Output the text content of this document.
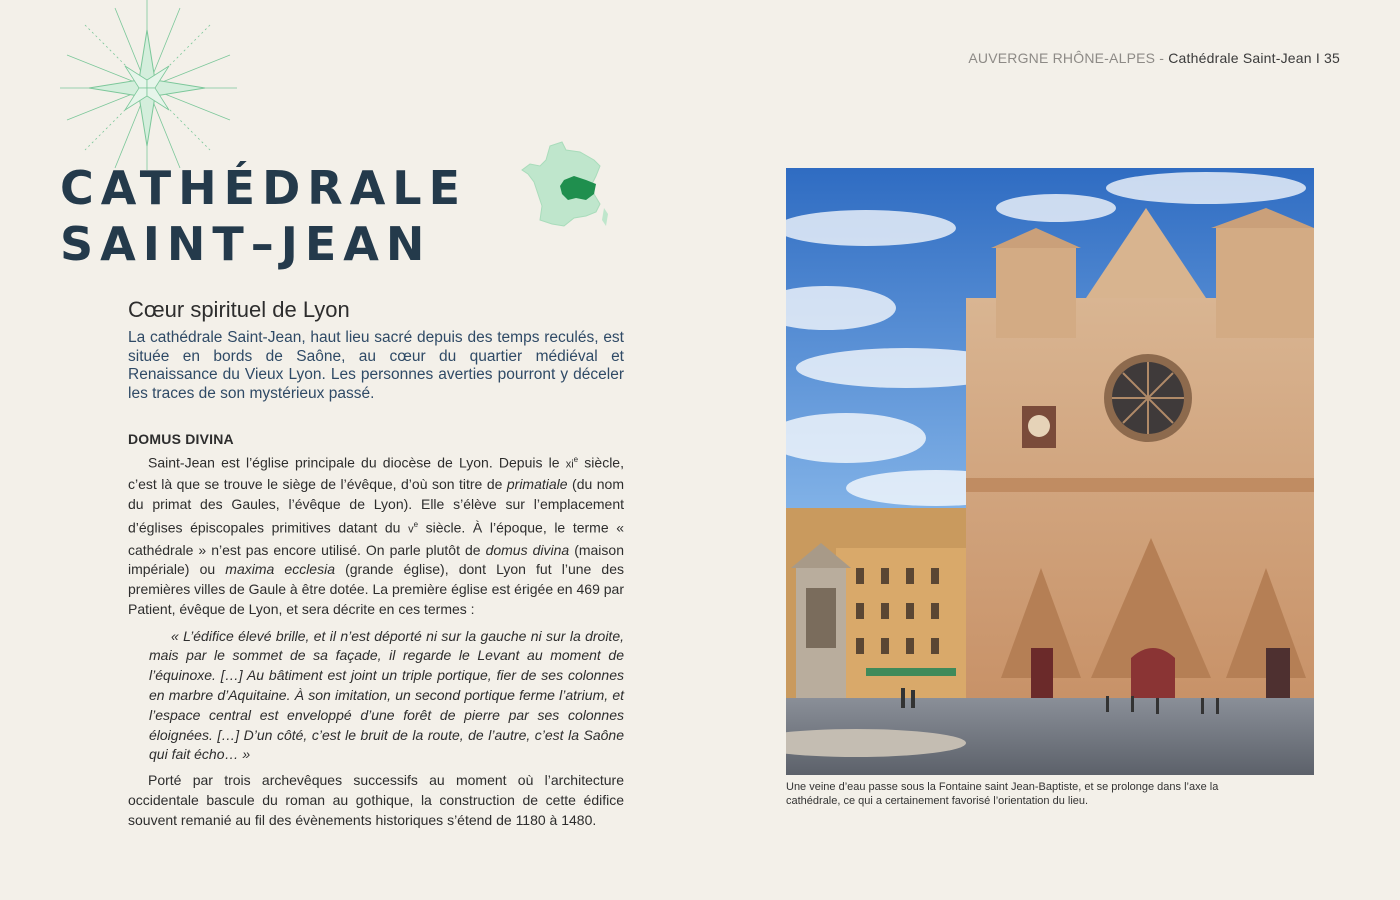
AUVERGNE RHÔNE-ALPES - Cathédrale Saint-Jean I 35
CATHÉDRALE
SAINT–JEAN
Cœur spirituel de Lyon

La cathédrale Saint-Jean, haut lieu sacré depuis des temps reculés, est située en bords de Saône, au cœur du quartier médiéval et Renaissance du Vieux Lyon. Les personnes averties pourront y déceler les traces de son mystérieux passé.

DOMUS DIVINA

Saint-Jean est l’église principale du diocèse de Lyon. Depuis le $xi^e$ siècle, c’est là que se trouve le siège de l’évêque, d’où son titre de primatiale (du nom du primat des Gaules, l’évêque de Lyon). Elle s’élève sur l’emplacement d’églises épiscopales primitives datant du $v^e$ siècle. À l’époque, le terme « cathédrale » n’est pas encore utilisé. On parle plutôt de domus divina (maison impériale) ou maxima ecclesia (grande église), dont Lyon fut l’une des premières villes de Gaule à être dotée. La première église est érigée en 469 par Patient, évêque de Lyon, et sera décrite en ces termes :

« L’édifice élevé brille, et il n’est déporté ni sur la gauche ni sur la droite, mais par le sommet de sa façade, il regarde le Levant au moment de l’équinoxe. […] Au bâtiment est joint un triple portique, fier de ses colonnes en marbre d’Aquitaine. À son imitation, un second portique ferme l’atrium, et l’espace central est enveloppé d’une forêt de pierre par ses colonnes éloignées. […] D’un côté, c’est le bruit de la route, de l’autre, c’est la Saône qui fait écho… »

Porté par trois archevêques successifs au moment où l’architecture occidentale bascule du roman au gothique, la construction de cette édifice souvent remanié au fil des évènements historiques s’étend de 1180 à 1480.

Une veine d’eau passe sous la Fontaine saint Jean-Baptiste, et se prolonge dans l’axe la cathédrale, ce qui a certainement favorisé l’orientation du lieu.
